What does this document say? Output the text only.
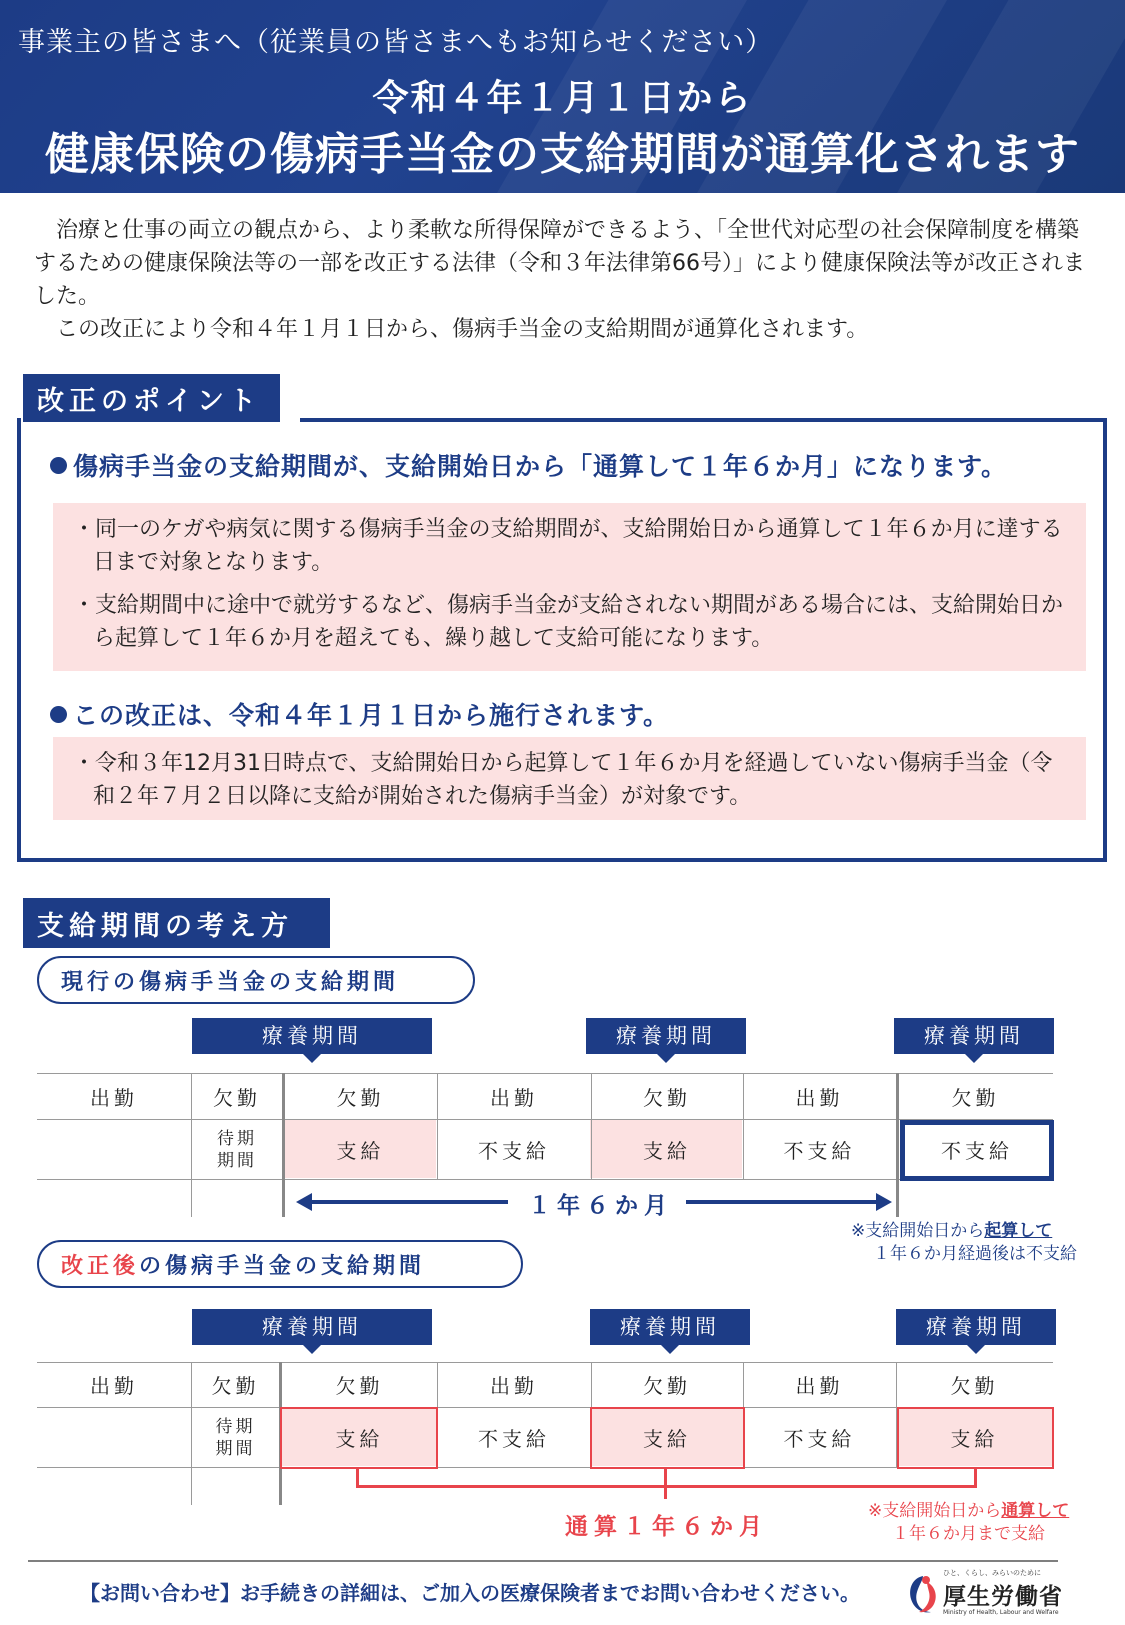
事業主の皆さまへ（従業員の皆さまへもお知らせください）
令和４年１月１日から
健康保険の傷病手当金の支給期間が通算化されます

治療と仕事の両立の観点から、より柔軟な所得保障ができるよう、「全世代対応型の社会保障制度を構築するための健康保険法等の一部を改正する法律（令和３年法律第66号）」により健康保険法等が改正されました。

この改正により令和４年１月１日から、傷病手当金の支給期間が通算化されます。

改正のポイント
傷病手当金の支給期間が、支給開始日から「通算して１年６か月」になります。
・同一のケガや病気に関する傷病手当金の支給期間が、支給開始日から通算して１年６か月に達する日まで対象となります。
・支給期間中に途中で就労するなど、傷病手当金が支給されない期間がある場合には、支給開始日から起算して１年６か月を超えても、繰り越して支給可能になります。
この改正は、令和４年１月１日から施行されます。
・令和３年12月31日時点で、支給開始日から起算して１年６か月を経過していない傷病手当金（令和２年７月２日以降に支給が開始された傷病手当金）が対象です。
支給期間の考え方
現行の傷病手当金の支給期間
療養期間	療養期間	療養期間
出勤	欠勤	欠勤	出勤	欠勤	出勤	欠勤
待期
期間	支給	不支給	支給	不支給	不支給
１年６か月
※支給開始日から起算して
１年６か月経過後は不支給
改正後 の傷病手当金の支給期間
療養期間	療養期間	療養期間
出勤	欠勤	欠勤	出勤	欠勤	出勤	欠勤
待期
期間	支給	不支給	支給	不支給	支給
通算１年６か月
※支給開始日から通算して
１年６か月まで支給
【お問い合わせ】お手続きの詳細は、ご加入の医療保険者までお問い合わせください。
ひと、くらし、みらいのために
厚生労働省
Ministry of Health, Labour and Welfare
